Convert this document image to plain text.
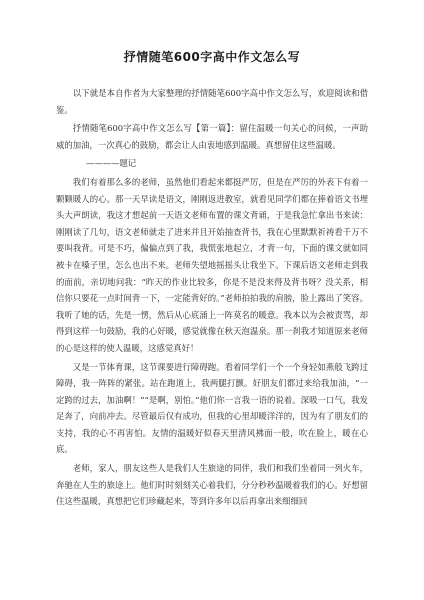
抒情随笔600字高中作文怎么写

以下就是本自作者为大家整理的抒情随笔600字高中作文怎么写，欢迎阅读和借鉴。

抒情随笔600字高中作文怎么写【第一篇】：留住温暖一句关心的问候，一声助威的加油，一次真心的鼓励，都会让人由衷地感到温暖。真想留住这些温暖。

————题记

我们有着那么多的老师，虽然他们看起来都挺严厉，但是在严厉的外表下有着一颗颗暖人的心。那一天早读是语文，刚刚返进教室，就看见同学们都在捧着语文书埋头大声朗读，我这才想起前一天语文老师布置的课文背诵，于是我急忙拿出书来读：刚刚读了几句，语文老师就走了进来并且开始抽查背书，我在心里默默祈祷看千万不要叫我背。可是不巧，偏偏点到了我，我慌张地起立，才背一句，下面的课文就如同被卡在嗓子里，怎么也出不来。老师失望地摇摇头让我坐下。下课后语文老师走到我的面前，亲切地问我：“昨天的作业比较多，你是不是没来得及背书呀？没关系，相信你只要花一点时间背一下，一定能背好的。”老师拍拍我的肩膀，脸上露出了笑容。我听了她的话，先是一愣，然后从心底涌上一阵莫名的暖意。我本以为会被责骂，却得到这样一句鼓励，我的心好暖，感觉就像在秋天泡温泉。那一刹我才知道原来老师的心是这样的使人温暖，这感觉真好！

又是一节体育课，这节课要进行障碍跑。看着同学们一个一个身轻如燕般飞跨过障碍，我一阵阵的紧张。站在跑道上，我两腿打颤。好朋友们都过来给我加油，“一定跨的过去，加油啊！”“是啊，别怕。”他们你一言我一语的说着。深吸一口气，我发足奔了，向前冲去。尽管最后仅有成功，但我的心里却暖洋洋的，因为有了朋友们的支持，我的心不再害怕。友情的温暖好似春天里清风拂面一般，吹在脸上，暖在心底。

老师，家人，朋友这些人是我们人生旅途的同伴，我们和我们坐着同一列火车，奔驰在人生的旅途上。他们时时刻刻关心着我们，分分秒秒温暖着我们的心。好想留住这些温暖，真想把它们珍藏起来，等到许多年以后再拿出来细细回
